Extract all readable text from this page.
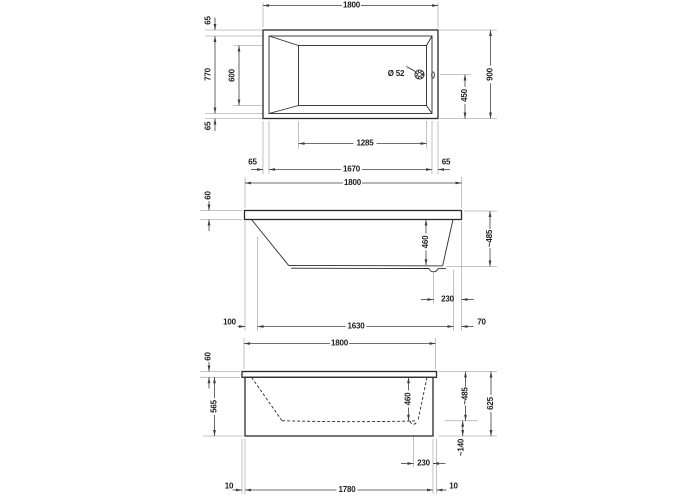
1800
65
770
65
600	900
450
Ø 52
1285
65
1670
65
1800
60
460	~485
230
100	1630	70
1800
60
565
460	~485 625
~140
230
10	1780	10
